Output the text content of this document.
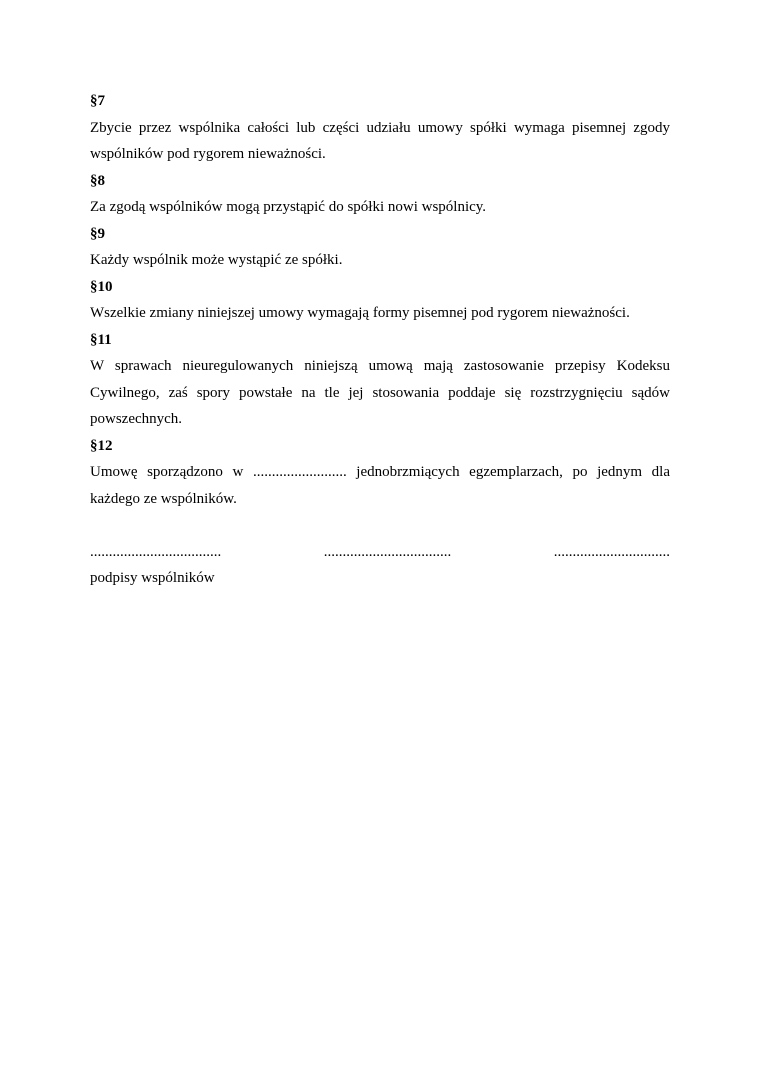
§7

Zbycie przez wspólnika całości lub części udziału umowy spółki wymaga pisemnej zgody wspólników pod rygorem nieważności.

§8

Za zgodą wspólników mogą przystąpić do spółki nowi wspólnicy.

§9

Każdy wspólnik może wystąpić ze spółki.

§10

Wszelkie zmiany niniejszej umowy wymagają formy pisemnej pod rygorem nieważności.

§11

W sprawach nieuregulowanych niniejszą umową mają zastosowanie przepisy Kodeksu Cywilnego, zaś spory powstałe na tle jej stosowania poddaje się rozstrzygnięciu sądów powszechnych.

§12

Umowę sporządzono w ......................... jednobrzmiących egzemplarzach, po jednym dla każdego ze wspólników.

...................................	..................................	...............................

podpisy wspólników
